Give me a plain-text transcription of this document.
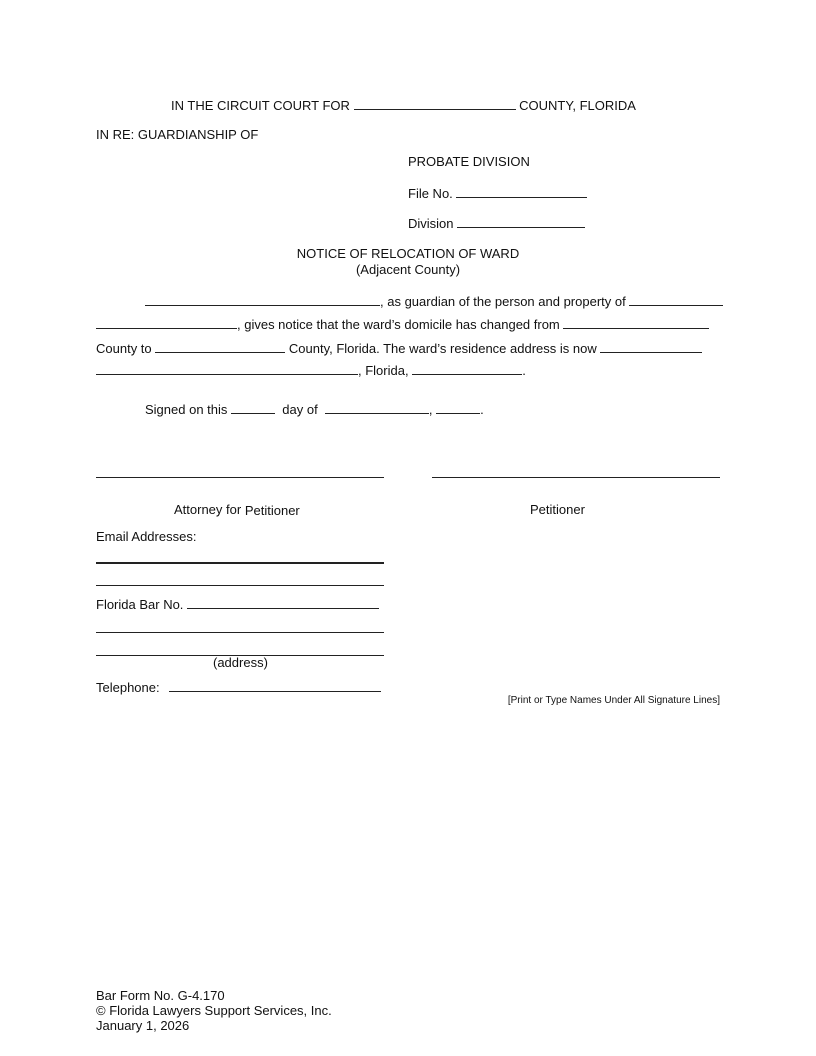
IN THE CIRCUIT COURT FOR	COUNTY, FLORIDA
IN RE: GUARDIANSHIP OF
PROBATE DIVISION
File No.
Division
NOTICE OF RELOCATION OF WARD
(Adjacent County)
, as guardian of the person and property of
, gives notice that the ward’s domicile has changed from
County to	County, Florida. The ward’s residence address is now
, Florida,	.
Signed on this	day of	,	.
Attorney for Petitioner	Petitioner
Email Addresses:
Florida Bar No.
(address)
Telephone:
[Print or Type Names Under All Signature Lines]
Bar Form No. G-4.170
© Florida Lawyers Support Services, Inc.
January 1, 2026
